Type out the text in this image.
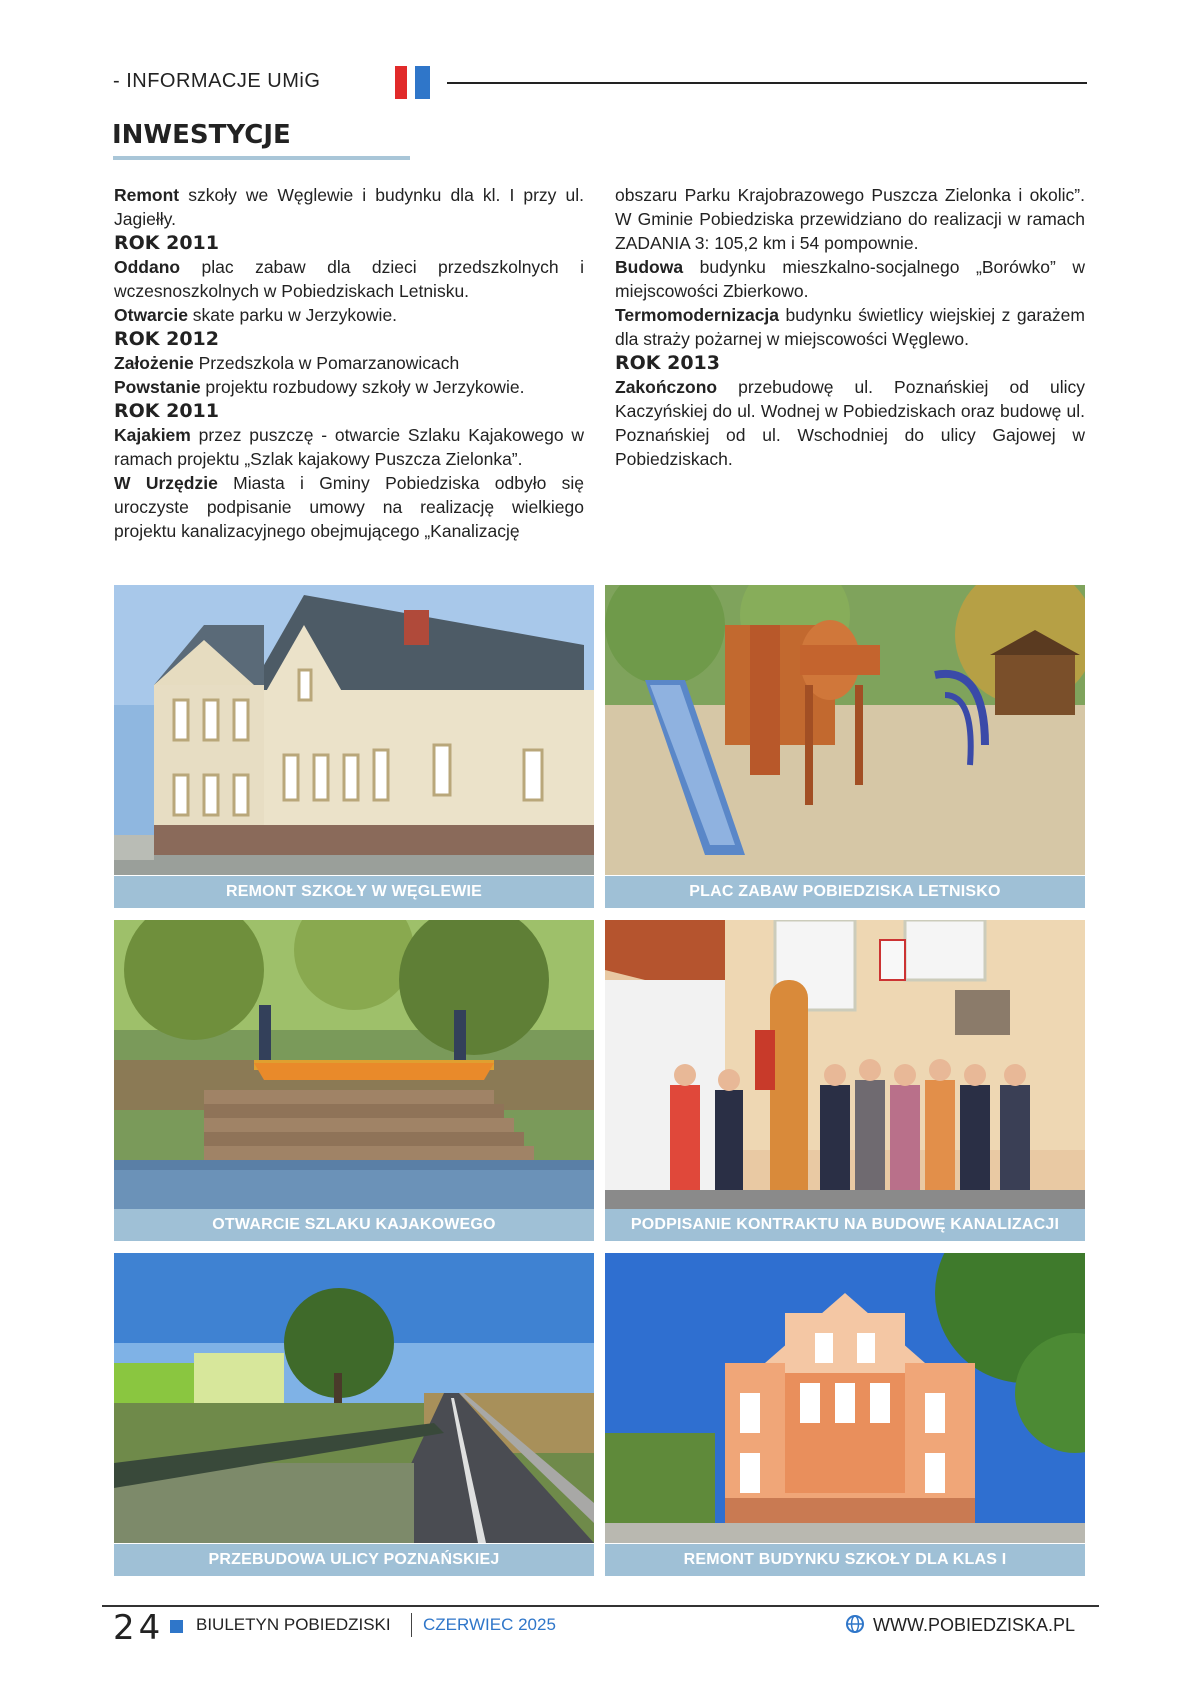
- INFORMACJE UMiG
INWESTYCJE

Remont szkoły we Węglewie i budynku dla kl. I przy ul. Jagiełły.

ROK 2011

Oddano plac zabaw dla dzieci przedszkolnych i wczesnoszkolnych w Pobiedziskach Letnisku.

Otwarcie skate parku w Jerzykowie.

ROK 2012

Założenie Przedszkola w Pomarzanowicach

Powstanie projektu rozbudowy szkoły w Jerzykowie.

ROK 2011

Kajakiem przez puszczę - otwarcie Szlaku Kajakowego w ramach projektu „Szlak kajakowy Puszcza Zielonka”.

W Urzędzie Miasta i Gminy Pobiedziska odbyło się uroczyste podpisanie umowy na realizację wielkiego projektu kanalizacyjnego obejmującego „Kanalizację

obszaru Parku Krajobrazowego Puszcza Zielonka i okolic”. W Gminie Pobiedziska przewidziano do realizacji w ramach ZADANIA 3: 105,2 km i 54 pompownie.

Budowa budynku mieszkalno-socjalnego „Borówko” w miejscowości Zbierkowo.

Termomodernizacja budynku świetlicy wiejskiej z garażem dla straży pożarnej w miejscowości Węglewo.

ROK 2013

Zakończono przebudowę ul. Poznańskiej od ulicy Kaczyńskiej do ul. Wodnej w Pobiedziskach oraz budowę ul. Poznańskiej od ul. Wschodniej do ulicy Gajowej w Pobiedziskach.

REMONT SZKOŁY W WĘGLEWIE	PLAC ZABAW POBIEDZISKA LETNISKO
OTWARCIE SZLAKU KAJAKOWEGO	PODPISANIE KONTRAKTU NA BUDOWĘ KANALIZACJI
PRZEBUDOWA ULICY POZNAŃSKIEJ	REMONT BUDYNKU SZKOŁY DLA KLAS I
24 BIULETYN POBIEDZISKI CZERWIEC 2025	WWW.POBIEDZISKA.PL
